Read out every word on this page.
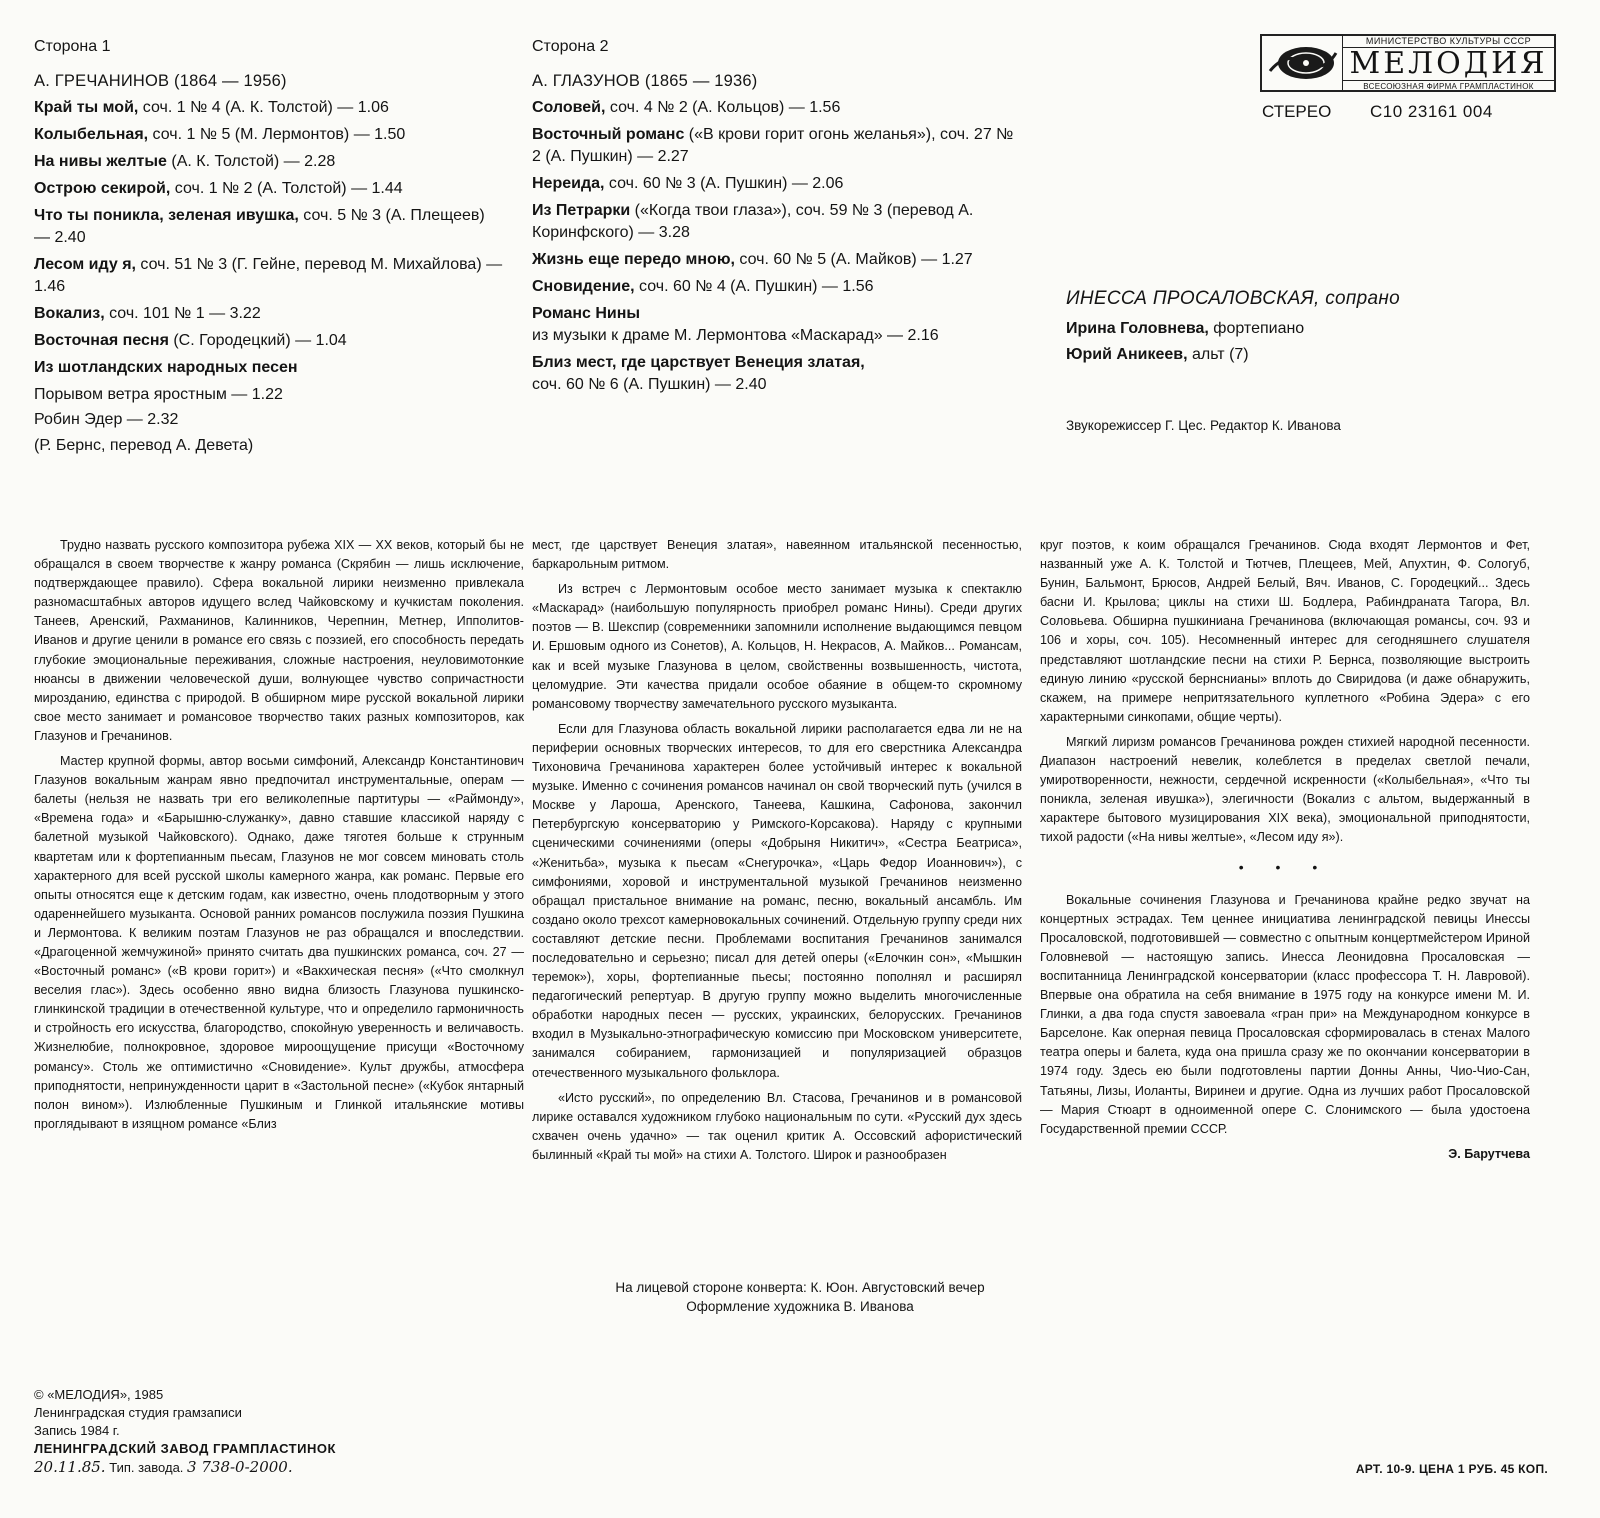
Сторона 1
А. ГРЕЧАНИНОВ (1864 — 1956)
Край ты мой, соч. 1 № 4 (А. К. Толстой) — 1.06
Колыбельная, соч. 1 № 5 (М. Лермонтов) — 1.50
На нивы желтые (А. К. Толстой) — 2.28
Острою секирой, соч. 1 № 2 (А. Толстой) — 1.44
Что ты поникла, зеленая ивушка, соч. 5 № 3 (А. Плещеев) — 2.40
Лесом иду я, соч. 51 № 3 (Г. Гейне, перевод М. Михайлова) — 1.46
Вокализ, соч. 101 № 1 — 3.22
Восточная песня (С. Городецкий) — 1.04
Из шотландских народных песен
Порывом ветра яростным — 1.22
Робин Эдер — 2.32
(Р. Бернс, перевод А. Девета)
Сторона 2
А. ГЛАЗУНОВ (1865 — 1936)
Соловей, соч. 4 № 2 (А. Кольцов) — 1.56
Восточный романс («В крови горит огонь желанья»), соч. 27 № 2 (А. Пушкин) — 2.27
Нереида, соч. 60 № 3 (А. Пушкин) — 2.06
Из Петрарки («Когда твои глаза»), соч. 59 № 3 (перевод А. Коринфского) — 3.28
Жизнь еще передо мною, соч. 60 № 5 (А. Майков) — 1.27
Сновидение, соч. 60 № 4 (А. Пушкин) — 1.56
Романс Нины
из музыки к драме М. Лермонтова «Маскарад» — 2.16
Близ мест, где царствует Венеция златая,
соч. 60 № 6 (А. Пушкин) — 2.40
МИНИСТЕРСТВО КУЛЬТУРЫ СССР
МЕЛОДИЯ
ВСЕСОЮЗНАЯ ФИРМА ГРАМПЛАСТИНОК
СТЕРЕО С10 23161 004
ИНЕССА ПРОСАЛОВСКАЯ, сопрано
Ирина Головнева, фортепиано
Юрий Аникеев, альт (7)
Звукорежиссер Г. Цес. Редактор К. Иванова

Трудно назвать русского композитора рубежа XIX — XX веков, который бы не обращался в своем творчестве к жанру романса (Скрябин — лишь исключение, подтверждающее правило). Сфера вокальной лирики неизменно привлекала разномасштабных авторов идущего вслед Чайковскому и кучкистам поколения. Танеев, Аренский, Рахманинов, Калинников, Черепнин, Метнер, Ипполитов-Иванов и другие ценили в романсе его связь с поэзией, его способность передать глубокие эмоциональные переживания, сложные настроения, неуловимотонкие нюансы в движении человеческой души, волнующее чувство сопричастности мирозданию, единства с природой. В обширном мире русской вокальной лирики свое место занимает и романсовое творчество таких разных композиторов, как Глазунов и Гречанинов.

Мастер крупной формы, автор восьми симфоний, Александр Константинович Глазунов вокальным жанрам явно предпочитал инструментальные, операм — балеты (нельзя не назвать три его великолепные партитуры — «Раймонду», «Времена года» и «Барышню-служанку», давно ставшие классикой наряду с балетной музыкой Чайковского). Однако, даже тяготея больше к струнным квартетам или к фортепианным пьесам, Глазунов не мог совсем миновать столь характерного для всей русской школы камерного жанра, как романс. Первые его опыты относятся еще к детским годам, как известно, очень плодотворным у этого одареннейшего музыканта. Основой ранних романсов послужила поэзия Пушкина и Лермонтова. К великим поэтам Глазунов не раз обращался и впоследствии. «Драгоценной жемчужиной» принято считать два пушкинских романса, соч. 27 — «Восточный романс» («В крови горит») и «Вакхическая песня» («Что смолкнул веселия глас»). Здесь особенно явно видна близость Глазунова пушкинско-глинкинской традиции в отечественной культуре, что и определило гармоничность и стройность его искусства, благородство, спокойную уверенность и величавость. Жизнелюбие, полнокровное, здоровое мироощущение присущи «Восточному романсу». Столь же оптимистично «Сновидение». Культ дружбы, атмосфера приподнятости, непринужденности царит в «Застольной песне» («Кубок янтарный полон вином»). Излюбленные Пушкиным и Глинкой итальянские мотивы проглядывают в изящном романсе «Близ

мест, где царствует Венеция златая», навеянном итальянской песенностью, баркарольным ритмом.

Из встреч с Лермонтовым особое место занимает музыка к спектаклю «Маскарад» (наибольшую популярность приобрел романс Нины). Среди других поэтов — В. Шекспир (современники запомнили исполнение выдающимся певцом И. Ершовым одного из Сонетов), А. Кольцов, Н. Некрасов, А. Майков... Романсам, как и всей музыке Глазунова в целом, свойственны возвышенность, чистота, целомудрие. Эти качества придали особое обаяние в общем-то скромному романсовому творчеству замечательного русского музыканта.

Если для Глазунова область вокальной лирики располагается едва ли не на периферии основных творческих интересов, то для его сверстника Александра Тихоновича Гречанинова характерен более устойчивый интерес к вокальной музыке. Именно с сочинения романсов начинал он свой творческий путь (учился в Москве у Лароша, Аренского, Танеева, Кашкина, Сафонова, закончил Петербургскую консерваторию у Римского-Корсакова). Наряду с крупными сценическими сочинениями (оперы «Добрыня Никитич», «Сестра Беатриса», «Женитьба», музыка к пьесам «Снегурочка», «Царь Федор Иоаннович»), с симфониями, хоровой и инструментальной музыкой Гречанинов неизменно обращал пристальное внимание на романс, песню, вокальный ансамбль. Им создано около трехсот камерновокальных сочинений. Отдельную группу среди них составляют детские песни. Проблемами воспитания Гречанинов занимался последовательно и серьезно; писал для детей оперы («Елочкин сон», «Мышкин теремок»), хоры, фортепианные пьесы; постоянно пополнял и расширял педагогический репертуар. В другую группу можно выделить многочисленные обработки народных песен — русских, украинских, белорусских. Гречанинов входил в Музыкально-этнографическую комиссию при Московском университете, занимался собиранием, гармонизацией и популяризацией образцов отечественного музыкального фольклора.

«Исто русский», по определению Вл. Стасова, Гречанинов и в романсовой лирике оставался художником глубоко национальным по сути. «Русский дух здесь схвачен очень удачно» — так оценил критик А. Оссовский афористический былинный «Край ты мой» на стихи А. Толстого. Широк и разнообразен

круг поэтов, к коим обращался Гречанинов. Сюда входят Лермонтов и Фет, названный уже А. К. Толстой и Тютчев, Плещеев, Мей, Апухтин, Ф. Сологуб, Бунин, Бальмонт, Брюсов, Андрей Белый, Вяч. Иванов, С. Городецкий... Здесь басни И. Крылова; циклы на стихи Ш. Бодлера, Рабиндраната Тагора, Вл. Соловьева. Обширна пушкиниана Гречанинова (включающая романсы, соч. 93 и 106 и хоры, соч. 105). Несомненный интерес для сегодняшнего слушателя представляют шотландские песни на стихи Р. Бернса, позволяющие выстроить единую линию «русской бернснианы» вплоть до Свиридова (и даже обнаружить, скажем, на примере непритязательного куплетного «Робина Эдера» с его характерными синкопами, общие черты).

Мягкий лиризм романсов Гречанинова рожден стихией народной песенности. Диапазон настроений невелик, колеблется в пределах светлой печали, умиротворенности, нежности, сердечной искренности («Колыбельная», «Что ты поникла, зеленая ивушка»), элегичности (Вокализ с альтом, выдержанный в характере бытового музицирования XIX века), эмоциональной приподнятости, тихой радости («На нивы желтые», «Лесом иду я»).

• • •

Вокальные сочинения Глазунова и Гречанинова крайне редко звучат на концертных эстрадах. Тем ценнее инициатива ленинградской певицы Инессы Просаловской, подготовившей — совместно с опытным концертмейстером Ириной Головневой — настоящую запись. Инесса Леонидовна Просаловская — воспитанница Ленинградской консерватории (класс профессора Т. Н. Лавровой). Впервые она обратила на себя внимание в 1975 году на конкурсе имени М. И. Глинки, а два года спустя завоевала «гран при» на Международном конкурсе в Барселоне. Как оперная певица Просаловская сформировалась в стенах Малого театра оперы и балета, куда она пришла сразу же по окончании консерватории в 1974 году. Здесь ею были подготовлены партии Донны Анны, Чио-Чио-Сан, Татьяны, Лизы, Иоланты, Виринеи и другие. Одна из лучших работ Просаловской — Мария Стюарт в одноименной опере С. Слонимского — была удостоена Государственной премии СССР.

Э. Барутчева
На лицевой стороне конверта: К. Юон. Августовский вечер
Оформление художника В. Иванова
© «МЕЛОДИЯ», 1985
Ленинградская студия грамзаписи
Запись 1984 г.
ЛЕНИНГРАДСКИЙ ЗАВОД ГРАМПЛАСТИНОК
20.11.85. Тип. завода. 3 738-0-2000.	АРТ. 10-9. ЦЕНА 1 РУБ. 45 КОП.
